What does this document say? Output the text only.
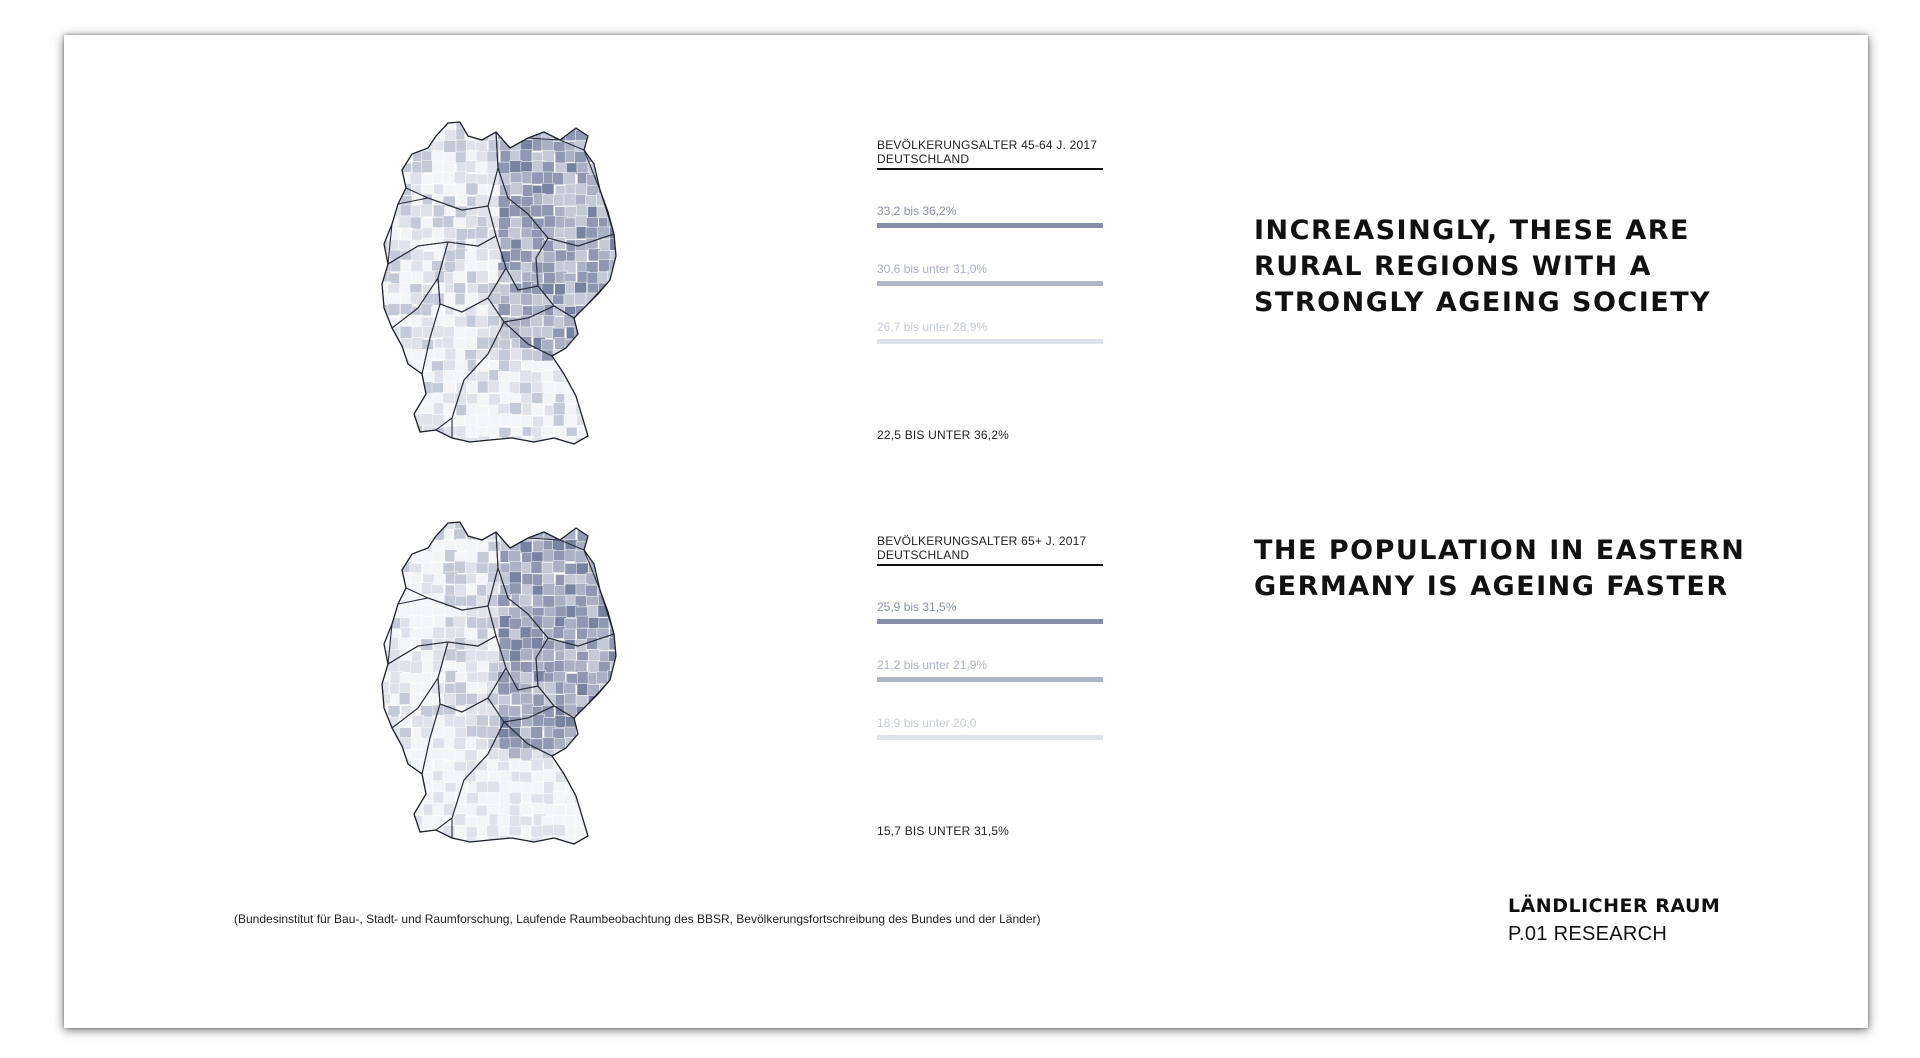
BEVÖLKERUNGSALTER 45-64 J. 2017
DEUTSCHLAND
33,2 bis 36,2%
30,6 bis unter 31,0%
26,7 bis unter 28,9%
22,5 BIS UNTER 36,2%
INCREASINGLY, THESE ARE
RURAL REGIONS WITH A
STRONGLY AGEING SOCIETY
BEVÖLKERUNGSALTER 65+ J. 2017
DEUTSCHLAND
25,9 bis 31,5%
21,2 bis unter 21,9%
18,9 bis unter 20,0
15,7 BIS UNTER 31,5%
THE POPULATION IN EASTERN
GERMANY IS AGEING FASTER
(Bundesinstitut für Bau-, Stadt- und Raumforschung, Laufende Raumbeobachtung des BBSR, Bevölkerungsfortschreibung des Bundes und der Länder)
LÄNDLICHER RAUM
P.01 RESEARCH
